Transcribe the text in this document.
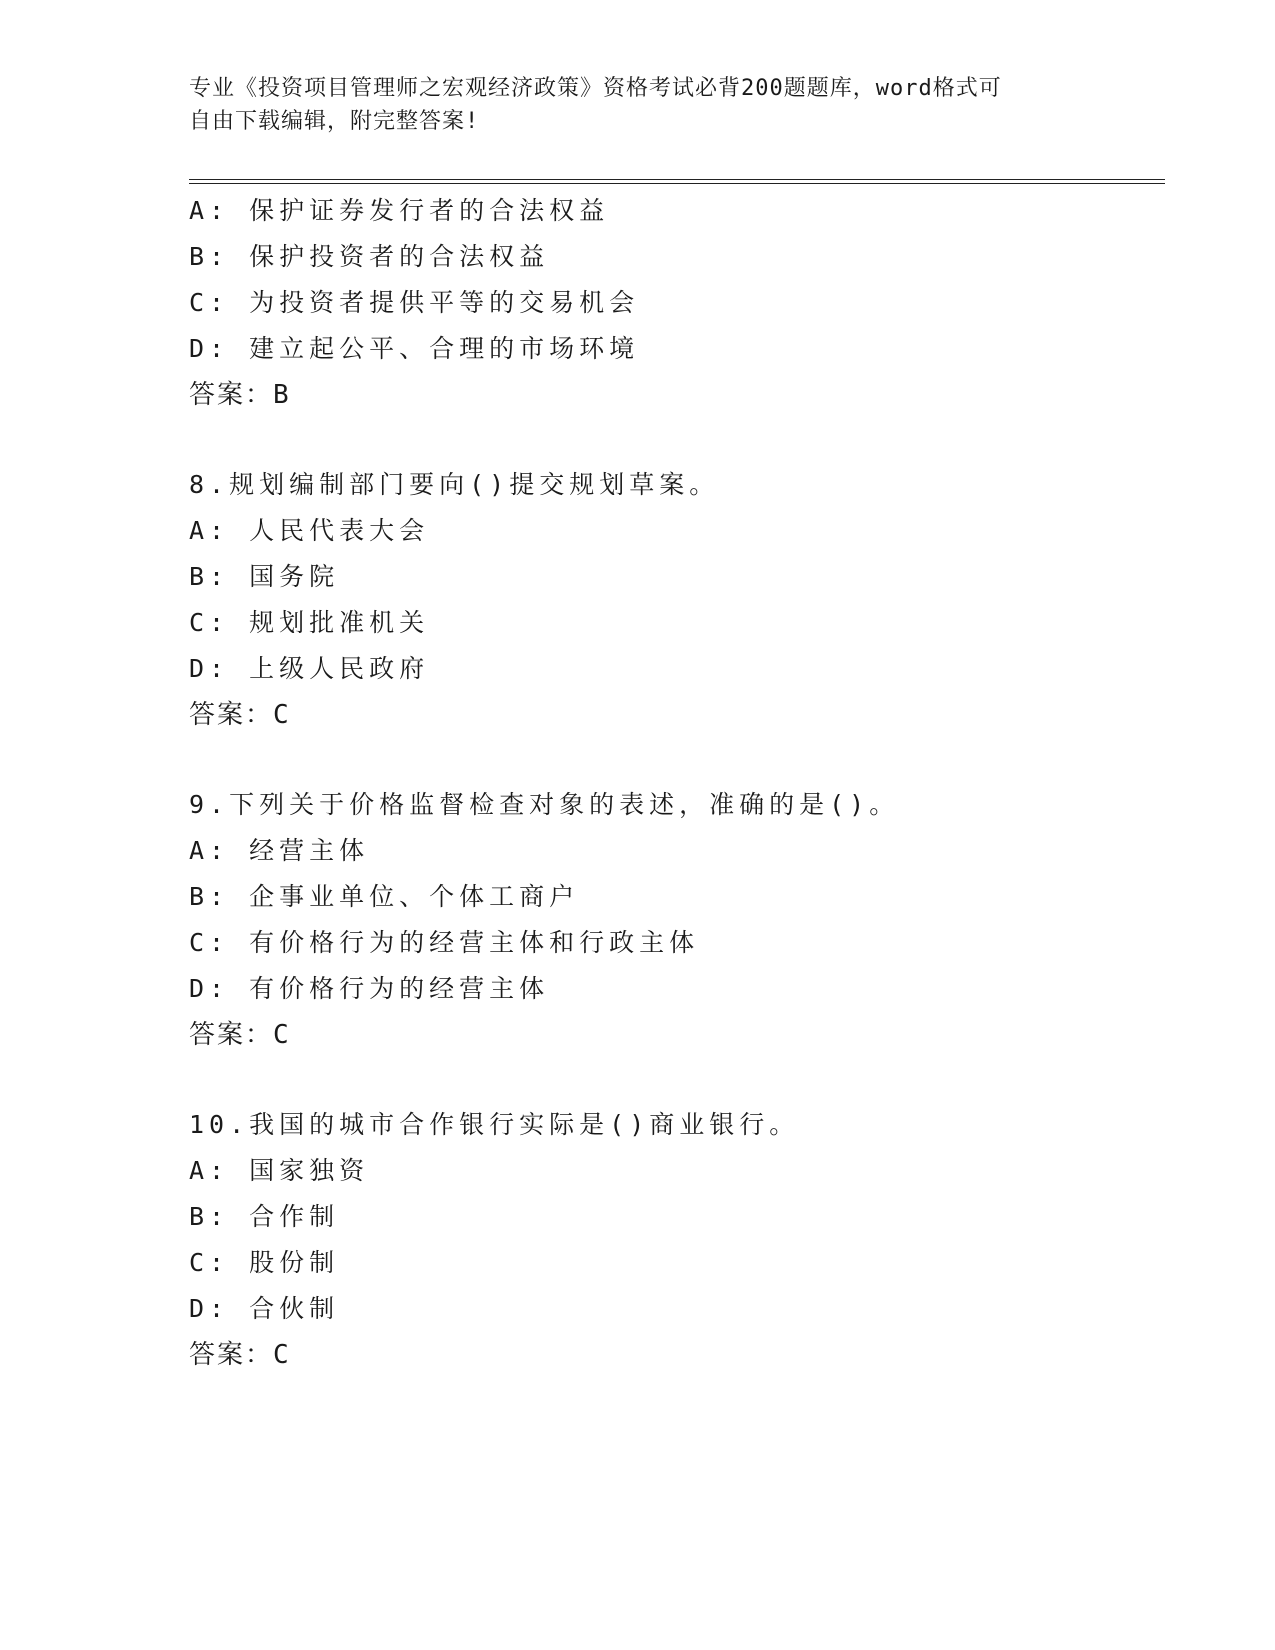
专业《投资项目管理师之宏观经济政策》资格考试必背200题题库，word格式可
自由下载编辑，附完整答案!
A: 保护证券发行者的合法权益
B: 保护投资者的合法权益
C: 为投资者提供平等的交易机会
D: 建立起公平、合理的市场环境
答案：B
8.规划编制部门要向()提交规划草案。
A: 人民代表大会
B: 国务院
C: 规划批准机关
D: 上级人民政府
答案：C
9.下列关于价格监督检查对象的表述，准确的是()。
A: 经营主体
B: 企事业单位、个体工商户
C: 有价格行为的经营主体和行政主体
D: 有价格行为的经营主体
答案：C
10.我国的城市合作银行实际是()商业银行。
A: 国家独资
B: 合作制
C: 股份制
D: 合伙制
答案：C
